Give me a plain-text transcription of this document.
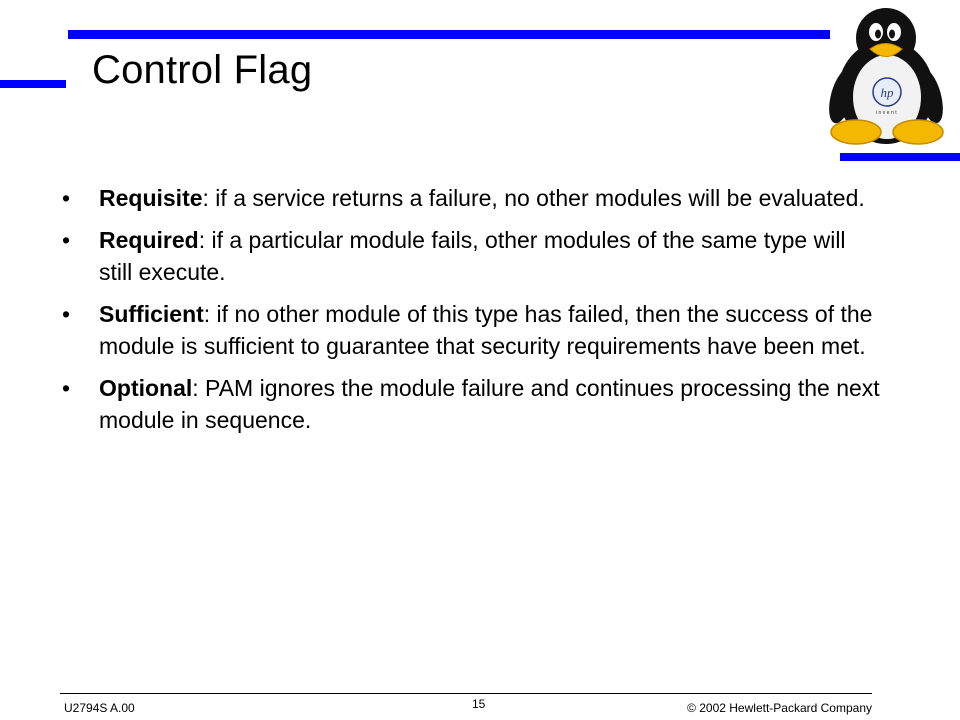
Control Flag
hp
invent
• Requisite: if a service returns a failure, no other modules will be evaluated.
• Required: if a particular module fails, other modules of the same type will still execute.
• Sufficient: if no other module of this type has failed, then the success of the module is sufficient to guarantee that security requirements have been met.
• Optional: PAM ignores the module failure and continues processing the next module in sequence.
U2794S A.00	15	© 2002 Hewlett-Packard Company
